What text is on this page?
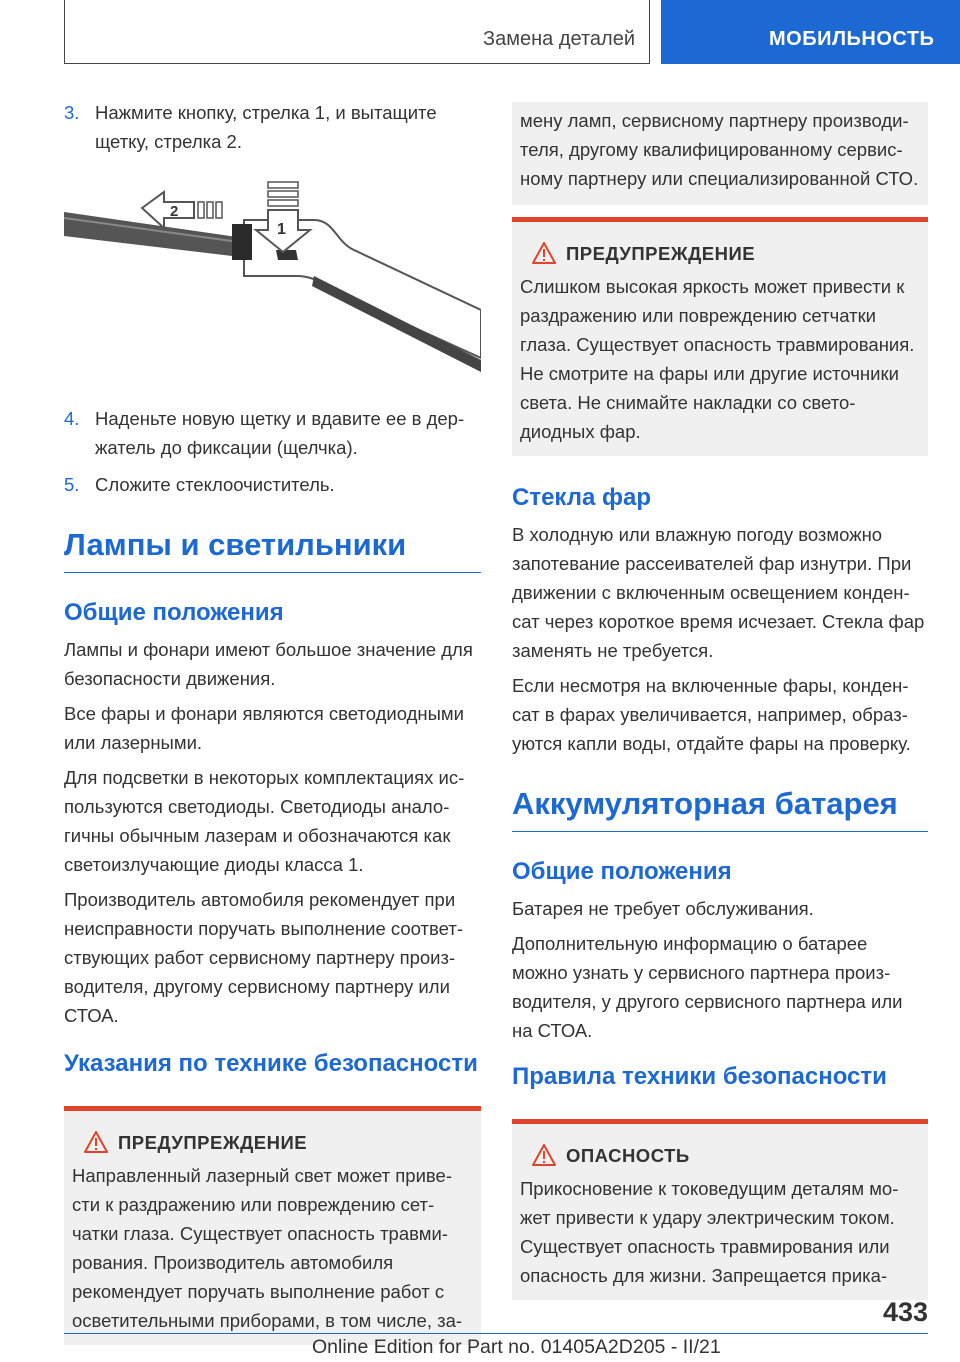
Замена деталей	МОБИЛЬНОСТЬ
3. Нажмите кнопку, стрелка 1, и вытащите щетку, стрелка 2.
1
2
4. Наденьте новую щетку и вдавите ее в держатель до фиксации (щелчка).
5. Сложите стеклоочиститель.
Лампы и светильники
Общие положения

Лампы и фонари имеют большое значение для безопасности движения.

Все фары и фонари являются светодиодными или лазерными.

Для подсветки в некоторых комплектациях используются светодиоды. Светодиоды аналогичны обычным лазерам и обозначаются как светоизлучающие диоды класса 1.

Производитель автомобиля рекомендует при неисправности поручать выполнение соответствующих работ сервисному партнеру производителя, другому сервисному партнеру или СТОА.

Указания по технике безопасности
ПРЕДУПРЕЖДЕНИЕ

Направленный лазерный свет может привести к раздражению или повреждению сетчатки глаза. Существует опасность травмирования. Производитель автомобиля рекомендует поручать выполнение работ с осветительными приборами, в том числе, за-

мену ламп, сервисному партнеру производителя, другому квалифицированному сервисному партнеру или специализированной СТО.

ПРЕДУПРЕЖДЕНИЕ

Слишком высокая яркость может привести к раздражению или повреждению сетчатки глаза. Существует опасность травмирования. Не смотрите на фары или другие источники света. Не снимайте накладки со светодиодных фар.

Стекла фар

В холодную или влажную погоду возможно запотевание рассеивателей фар изнутри. При движении с включенным освещением конденсат через короткое время исчезает. Стекла фар заменять не требуется.

Если несмотря на включенные фары, конденсат в фарах увеличивается, например, образуются капли воды, отдайте фары на проверку.

Аккумуляторная батарея
Общие положения

Батарея не требует обслуживания.

Дополнительную информацию о батарее можно узнать у сервисного партнера производителя, у другого сервисного партнера или на СТОА.

Правила техники безопасности
ОПАСНОСТЬ

Прикосновение к токоведущим деталям может привести к удару электрическим током. Существует опасность травмирования или опасность для жизни. Запрещается прика-

433
Online Edition for Part no. 01405A2D205 - II/21
